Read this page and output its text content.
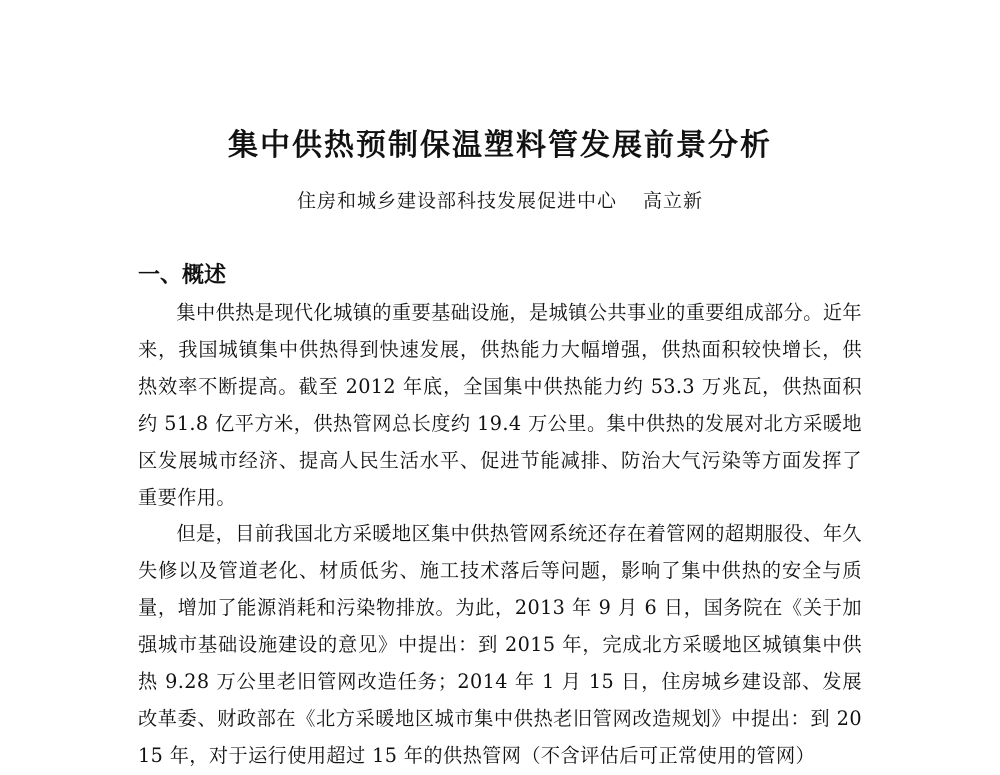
集中供热预制保温塑料管发展前景分析
住房和城乡建设部科技发展促进中心 高立新
一、概述

集中供热是现代化城镇的重要基础设施，是城镇公共事业的重要组成部分。近年来，我国城镇集中供热得到快速发展，供热能力大幅增强，供热面积较快增长，供热效率不断提高。截至 2012 年底，全国集中供热能力约 53.3 万兆瓦，供热面积约 51.8 亿平方米，供热管网总长度约 19.4 万公里。集中供热的发展对北方采暖地区发展城市经济、提高人民生活水平、促进节能减排、防治大气污染等方面发挥了重要作用。

但是，目前我国北方采暖地区集中供热管网系统还存在着管网的超期服役、年久失修以及管道老化、材质低劣、施工技术落后等问题，影响了集中供热的安全与质量，增加了能源消耗和污染物排放。为此，2013 年 9 月 6 日，国务院在《关于加强城市基础设施建设的意见》中提出：到 2015 年，完成北方采暖地区城镇集中供热 9.28 万公里老旧管网改造任务；2014 年 1 月 15 日，住房城乡建设部、发展改革委、财政部在《北方采暖地区城市集中供热老旧管网改造规划》中提出：到 2015 年，对于运行使用超过 15 年的供热管网（不含评估后可正常使用的管网）
